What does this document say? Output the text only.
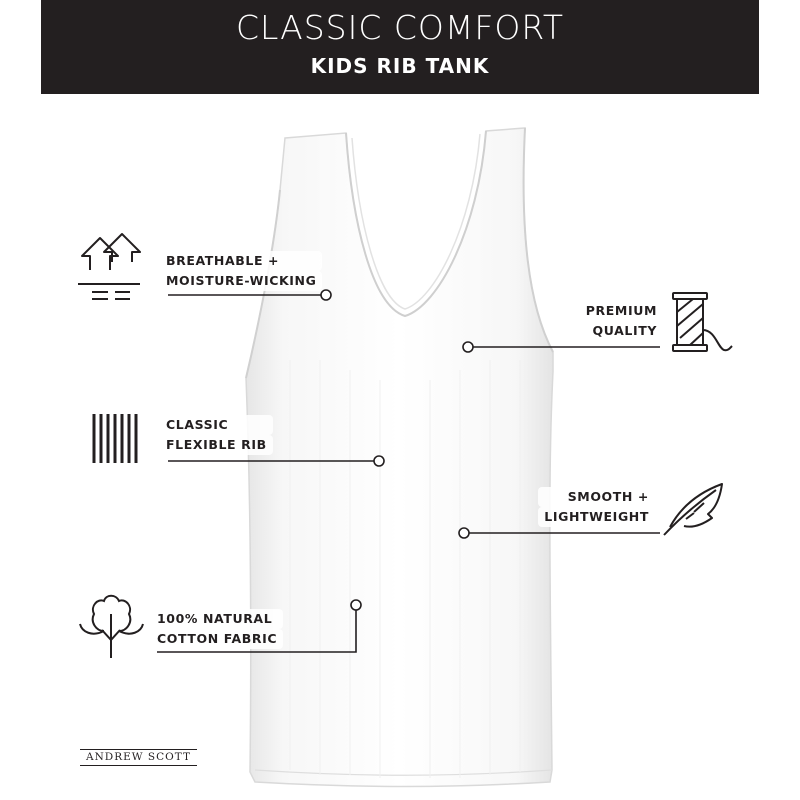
CLASSIC COMFORT
KIDS RIB TANK
BREATHABLE +
MOISTURE-WICKING
CLASSIC
FLEXIBLE RIB
100% NATURAL
COTTON FABRIC
PREMIUM
QUALITY
SMOOTH +
LIGHTWEIGHT
ANDREW SCOTT
